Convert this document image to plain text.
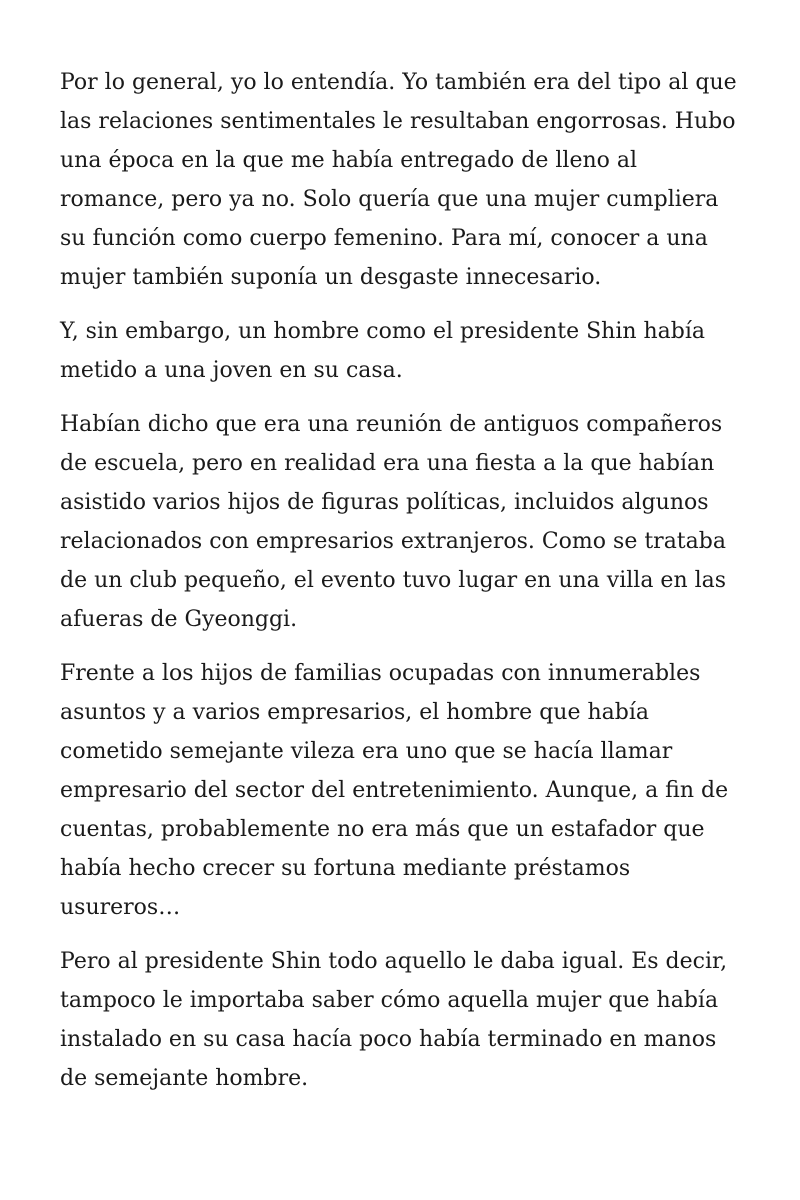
Por lo general, yo lo entendía. Yo también era del tipo al que
las relaciones sentimentales le resultaban engorrosas. Hubo
una época en la que me había entregado de lleno al
romance, pero ya no. Solo quería que una mujer cumpliera
su función como cuerpo femenino. Para mí, conocer a una
mujer también suponía un desgaste innecesario.

Y, sin embargo, un hombre como el presidente Shin había
metido a una joven en su casa.

Habían dicho que era una reunión de antiguos compañeros
de escuela, pero en realidad era una fiesta a la que habían
asistido varios hijos de figuras políticas, incluidos algunos
relacionados con empresarios extranjeros. Como se trataba
de un club pequeño, el evento tuvo lugar en una villa en las
afueras de Gyeonggi.

Frente a los hijos de familias ocupadas con innumerables
asuntos y a varios empresarios, el hombre que había
cometido semejante vileza era uno que se hacía llamar
empresario del sector del entretenimiento. Aunque, a fin de
cuentas, probablemente no era más que un estafador que
había hecho crecer su fortuna mediante préstamos
usureros…

Pero al presidente Shin todo aquello le daba igual. Es decir,
tampoco le importaba saber cómo aquella mujer que había
instalado en su casa hacía poco había terminado en manos
de semejante hombre.
